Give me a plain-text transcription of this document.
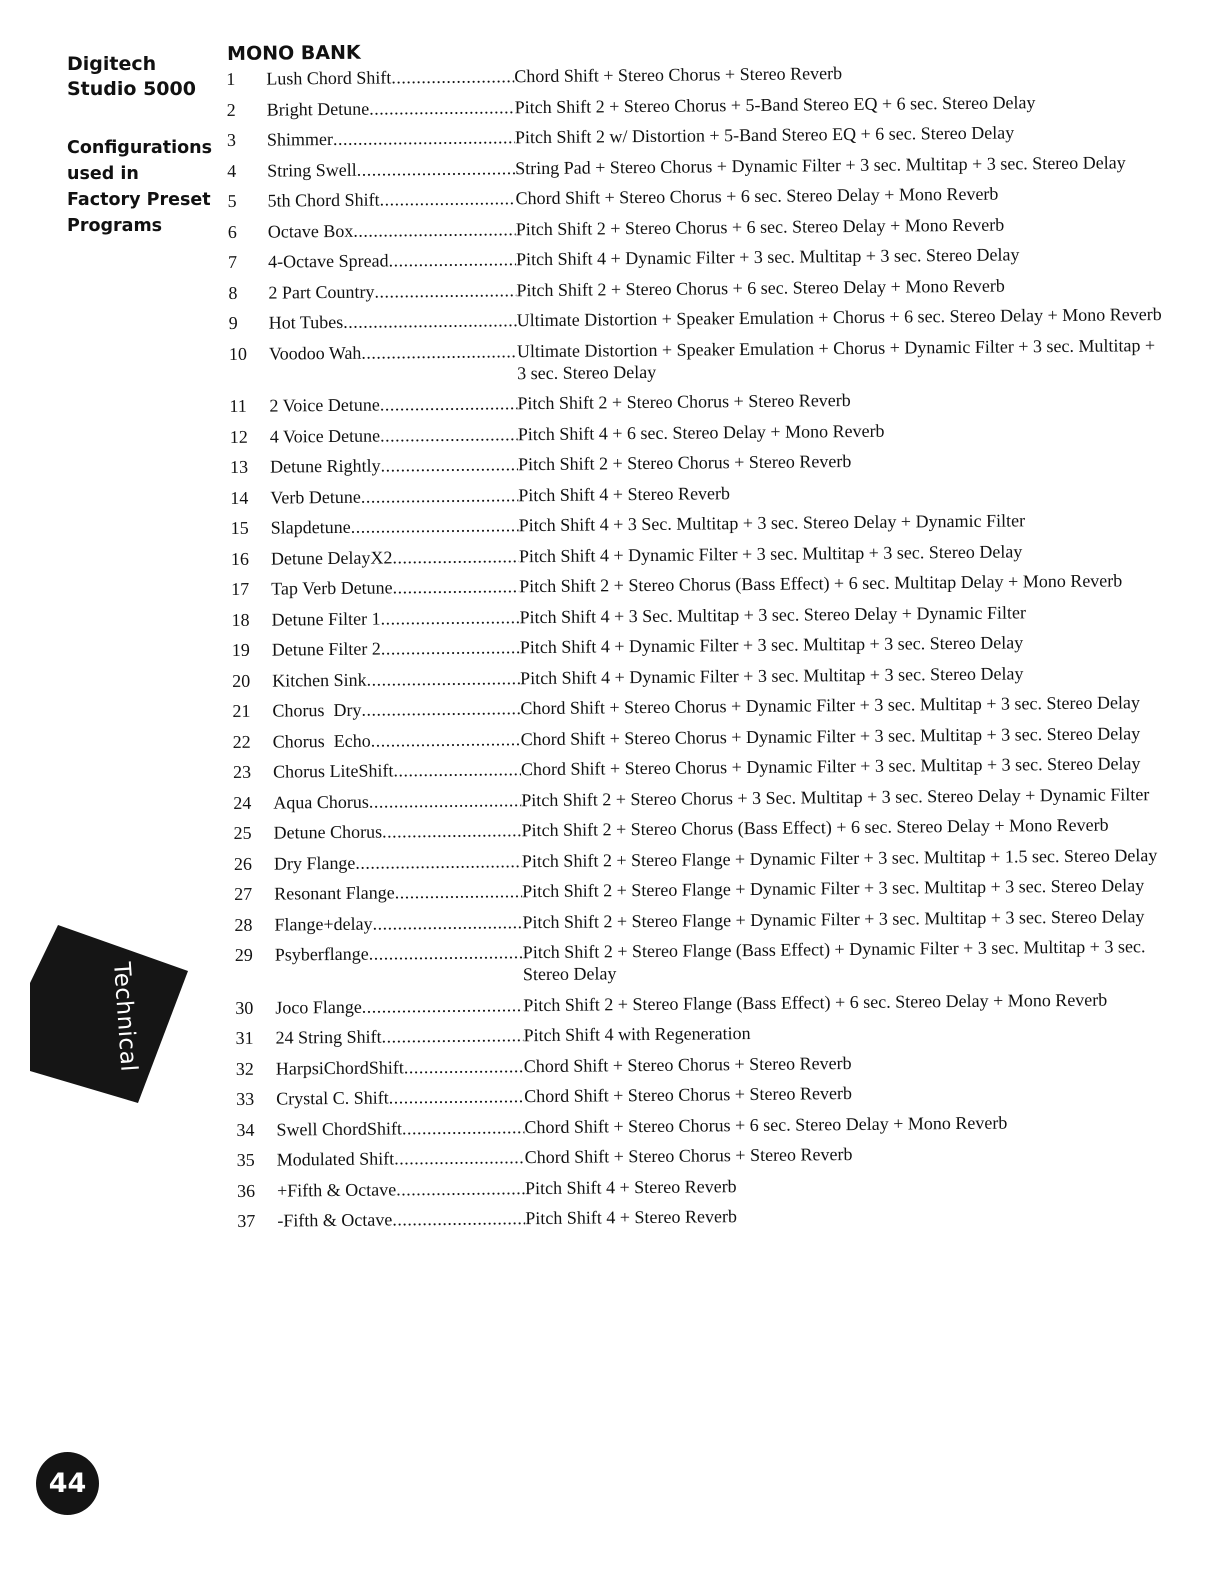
Digitech
Studio 5000
Configurations
used in
Factory Preset
Programs
Technical
44
MONO BANK
1	Lush Chord Shift .....	Chord Shift + Stereo Chorus + Stereo Reverb
2	Bright Detune .....	Pitch Shift 2 + Stereo Chorus + 5-Band Stereo EQ + 6 sec. Stereo Delay
3	Shimmer .....	Pitch Shift 2 w/ Distortion + 5-Band Stereo EQ + 6 sec. Stereo Delay
4	String Swell .....	String Pad + Stereo Chorus + Dynamic Filter + 3 sec. Multitap + 3 sec. Stereo Delay
5	5th Chord Shift .....	Chord Shift + Stereo Chorus + 6 sec. Stereo Delay + Mono Reverb
6	Octave Box .....	Pitch Shift 2 + Stereo Chorus + 6 sec. Stereo Delay + Mono Reverb
7	4-Octave Spread .....	Pitch Shift 4 + Dynamic Filter + 3 sec. Multitap + 3 sec. Stereo Delay
8	2 Part Country .....	Pitch Shift 2 + Stereo Chorus + 6 sec. Stereo Delay + Mono Reverb
9	Hot Tubes .....	Ultimate Distortion + Speaker Emulation + Chorus + 6 sec. Stereo Delay + Mono Reverb
10	Voodoo Wah .....	Ultimate Distortion + Speaker Emulation + Chorus + Dynamic Filter + 3 sec. Multitap + 3 sec. Stereo Delay
11	2 Voice Detune .....	Pitch Shift 2 + Stereo Chorus + Stereo Reverb
12	4 Voice Detune .....	Pitch Shift 4 + 6 sec. Stereo Delay + Mono Reverb
13	Detune Rightly .....	Pitch Shift 2 + Stereo Chorus + Stereo Reverb
14	Verb Detune .....	Pitch Shift 4 + Stereo Reverb
15	Slapdetune .....	Pitch Shift 4 + 3 Sec. Multitap + 3 sec. Stereo Delay + Dynamic Filter
16	Detune DelayX2 .....	Pitch Shift 4 + Dynamic Filter + 3 sec. Multitap + 3 sec. Stereo Delay
17	Tap Verb Detune .....	Pitch Shift 2 + Stereo Chorus (Bass Effect) + 6 sec. Multitap Delay + Mono Reverb
18	Detune Filter 1 .....	Pitch Shift 4 + 3 Sec. Multitap + 3 sec. Stereo Delay + Dynamic Filter
19	Detune Filter 2 .....	Pitch Shift 4 + Dynamic Filter + 3 sec. Multitap + 3 sec. Stereo Delay
20	Kitchen Sink .....	Pitch Shift 4 + Dynamic Filter + 3 sec. Multitap + 3 sec. Stereo Delay
21	Chorus  Dry .....	Chord Shift + Stereo Chorus + Dynamic Filter + 3 sec. Multitap + 3 sec. Stereo Delay
22	Chorus  Echo .....	Chord Shift + Stereo Chorus + Dynamic Filter + 3 sec. Multitap + 3 sec. Stereo Delay
23	Chorus LiteShift .....	Chord Shift + Stereo Chorus + Dynamic Filter + 3 sec. Multitap + 3 sec. Stereo Delay
24	Aqua Chorus .....	Pitch Shift 2 + Stereo Chorus + 3 Sec. Multitap + 3 sec. Stereo Delay + Dynamic Filter
25	Detune Chorus .....	Pitch Shift 2 + Stereo Chorus (Bass Effect) + 6 sec. Stereo Delay + Mono Reverb
26	Dry Flange .....	Pitch Shift 2 + Stereo Flange + Dynamic Filter + 3 sec. Multitap + 1.5 sec. Stereo Delay
27	Resonant Flange .....	Pitch Shift 2 + Stereo Flange + Dynamic Filter + 3 sec. Multitap + 3 sec. Stereo Delay
28	Flange+delay .....	Pitch Shift 2 + Stereo Flange + Dynamic Filter + 3 sec. Multitap + 3 sec. Stereo Delay
29	Psyberflange .....	Pitch Shift 2 + Stereo Flange (Bass Effect) + Dynamic Filter + 3 sec. Multitap + 3 sec. Stereo Delay
30	Joco Flange .....	Pitch Shift 2 + Stereo Flange (Bass Effect) + 6 sec. Stereo Delay + Mono Reverb
31	24 String Shift .....	Pitch Shift 4 with Regeneration
32	HarpsiChordShift .....	Chord Shift + Stereo Chorus + Stereo Reverb
33	Crystal C. Shift .....	Chord Shift + Stereo Chorus + Stereo Reverb
34	Swell ChordShift .....	Chord Shift + Stereo Chorus + 6 sec. Stereo Delay + Mono Reverb
35	Modulated Shift .....	Chord Shift + Stereo Chorus + Stereo Reverb
36	+Fifth & Octave .....	Pitch Shift 4 + Stereo Reverb
37	-Fifth & Octave .....	Pitch Shift 4 + Stereo Reverb
